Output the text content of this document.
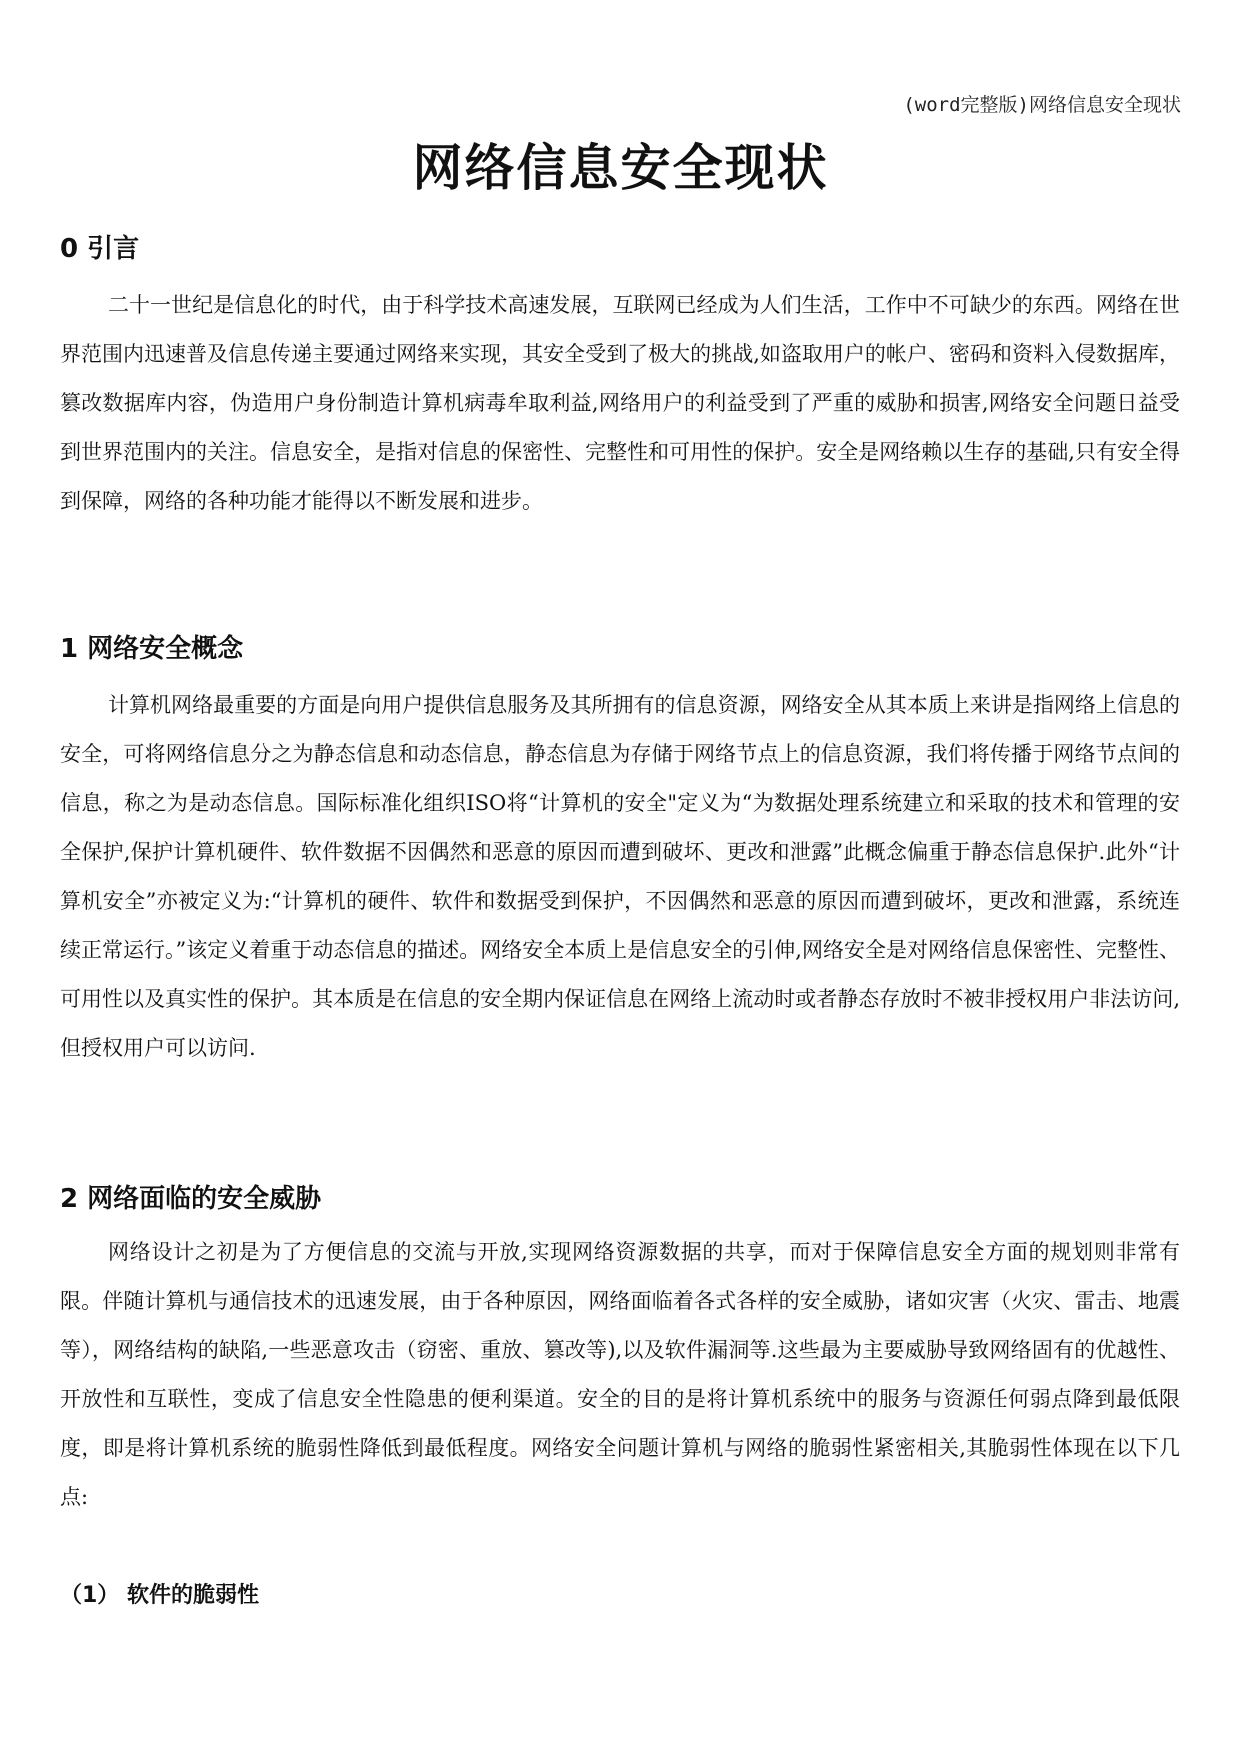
(word完整版)网络信息安全现状
网络信息安全现状
0 引言

二十一世纪是信息化的时代，由于科学技术高速发展，互联网已经成为人们生活，工作中不可缺少的东西。网络在世界范围内迅速普及信息传递主要通过网络来实现，其安全受到了极大的挑战,如盗取用户的帐户、密码和资料入侵数据库，篡改数据库内容，伪造用户身份制造计算机病毒牟取利益,网络用户的利益受到了严重的威胁和损害,网络安全问题日益受到世界范围内的关注。信息安全，是指对信息的保密性、完整性和可用性的保护。安全是网络赖以生存的基础,只有安全得到保障，网络的各种功能才能得以不断发展和进步。

1 网络安全概念

计算机网络最重要的方面是向用户提供信息服务及其所拥有的信息资源，网络安全从其本质上来讲是指网络上信息的安全，可将网络信息分之为静态信息和动态信息，静态信息为存储于网络节点上的信息资源，我们将传播于网络节点间的信息，称之为是动态信息。国际标准化组织ISO将“计算机的安全"定义为“为数据处理系统建立和采取的技术和管理的安全保护,保护计算机硬件、软件数据不因偶然和恶意的原因而遭到破坏、更改和泄露”此概念偏重于静态信息保护.此外“计算机安全”亦被定义为:“计算机的硬件、软件和数据受到保护，不因偶然和恶意的原因而遭到破坏，更改和泄露，系统连续正常运行。”该定义着重于动态信息的描述。网络安全本质上是信息安全的引伸,网络安全是对网络信息保密性、完整性、可用性以及真实性的保护。其本质是在信息的安全期内保证信息在网络上流动时或者静态存放时不被非授权用户非法访问,但授权用户可以访问.

2 网络面临的安全威胁

网络设计之初是为了方便信息的交流与开放,实现网络资源数据的共享，而对于保障信息安全方面的规划则非常有限。伴随计算机与通信技术的迅速发展，由于各种原因，网络面临着各式各样的安全威胁，诸如灾害（火灾、雷击、地震等），网络结构的缺陷,一些恶意攻击（窃密、重放、篡改等),以及软件漏洞等.这些最为主要威胁导致网络固有的优越性、开放性和互联性，变成了信息安全性隐患的便利渠道。安全的目的是将计算机系统中的服务与资源任何弱点降到最低限度，即是将计算机系统的脆弱性降低到最低程度。网络安全问题计算机与网络的脆弱性紧密相关,其脆弱性体现在以下几点:

（1） 软件的脆弱性
